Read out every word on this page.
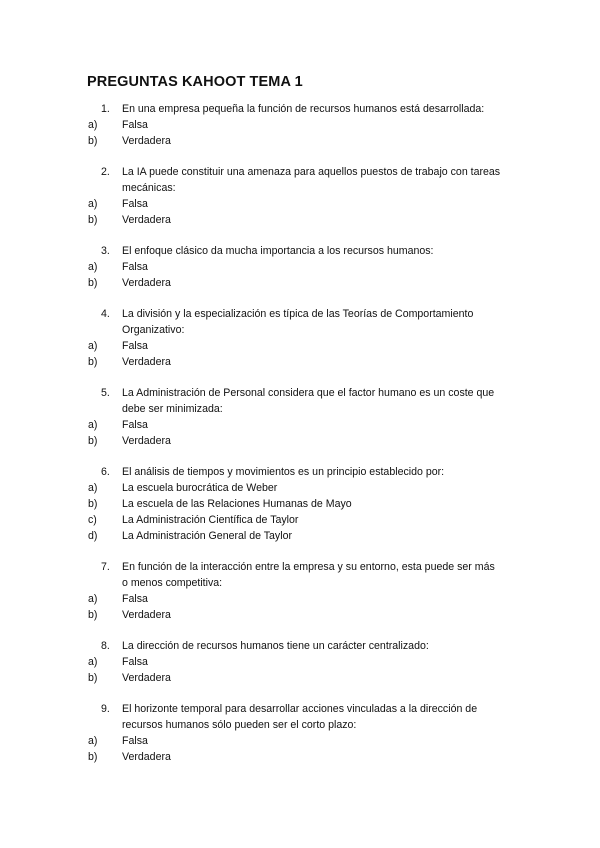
PREGUNTAS KAHOOT TEMA 1
1. En una empresa pequeña la función de recursos humanos está desarrollada:
a) Falsa
b) Verdadera
2. La IA puede constituir una amenaza para aquellos puestos de trabajo con tareas mecánicas:
a) Falsa
b) Verdadera
3. El enfoque clásico da mucha importancia a los recursos humanos:
a) Falsa
b) Verdadera
4. La división y la especialización es típica de las Teorías de Comportamiento Organizativo:
a) Falsa
b) Verdadera
5. La Administración de Personal considera que el factor humano es un coste que debe ser minimizada:
a) Falsa
b) Verdadera
6. El análisis de tiempos y movimientos es un principio establecido por:
a) La escuela burocrática de Weber
b) La escuela de las Relaciones Humanas de Mayo
c) La Administración Científica de Taylor
d) La Administración General de Taylor
7. En función de la interacción entre la empresa y su entorno, esta puede ser más o menos competitiva:
a) Falsa
b) Verdadera
8. La dirección de recursos humanos tiene un carácter centralizado:
a) Falsa
b) Verdadera
9. El horizonte temporal para desarrollar acciones vinculadas a la dirección de recursos humanos sólo pueden ser el corto plazo:
a) Falsa
b) Verdadera
